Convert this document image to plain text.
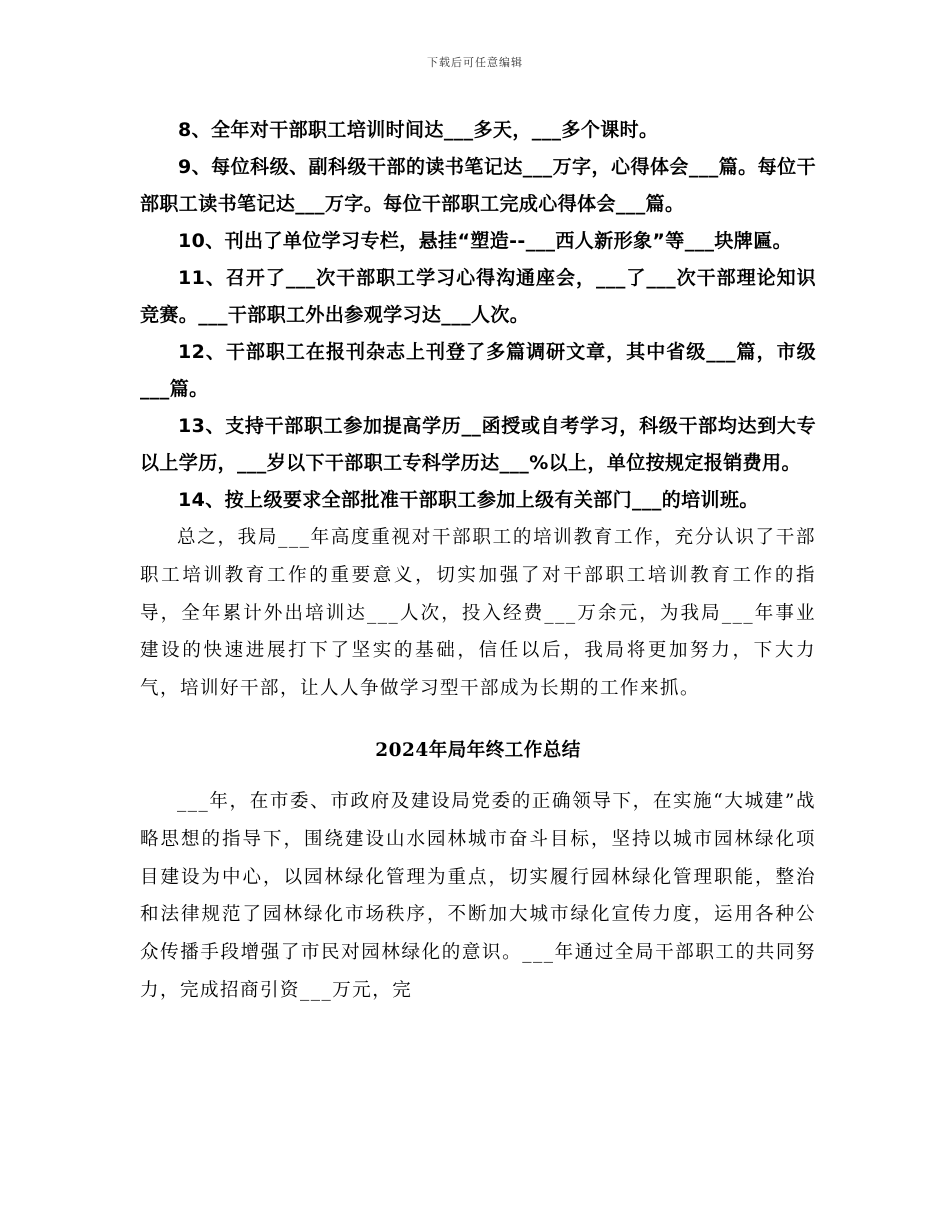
下载后可任意编辑

8、全年对干部职工培训时间达___多天，___多个课时。

9、每位科级、副科级干部的读书笔记达___万字，心得体会___篇。每位干部职工读书笔记达___万字。每位干部职工完成心得体会___篇。

10、刊出了单位学习专栏，悬挂“塑造--___西人新形象”等___块牌匾。

11、召开了___次干部职工学习心得沟通座会，___了___次干部理论知识竞赛。___干部职工外出参观学习达___人次。

12、干部职工在报刊杂志上刊登了多篇调研文章，其中省级___篇，市级___篇。

13、支持干部职工参加提高学历__函授或自考学习，科级干部均达到大专以上学历，___岁以下干部职工专科学历达___%以上，单位按规定报销费用。

14、按上级要求全部批准干部职工参加上级有关部门___的培训班。

总之，我局___年高度重视对干部职工的培训教育工作，充分认识了干部职工培训教育工作的重要意义，切实加强了对干部职工培训教育工作的指导，全年累计外出培训达___人次，投入经费___万余元，为我局___年事业建设的快速进展打下了坚实的基础，信任以后，我局将更加努力，下大力气，培训好干部，让人人争做学习型干部成为长期的工作来抓。

2024年局年终工作总结

___年，在市委、市政府及建设局党委的正确领导下，在实施“大城建”战略思想的指导下，围绕建设山水园林城市奋斗目标，坚持以城市园林绿化项目建设为中心，以园林绿化管理为重点，切实履行园林绿化管理职能，整治和法律规范了园林绿化市场秩序，不断加大城市绿化宣传力度，运用各种公众传播手段增强了市民对园林绿化的意识。___年通过全局干部职工的共同努力，完成招商引资___万元，完
